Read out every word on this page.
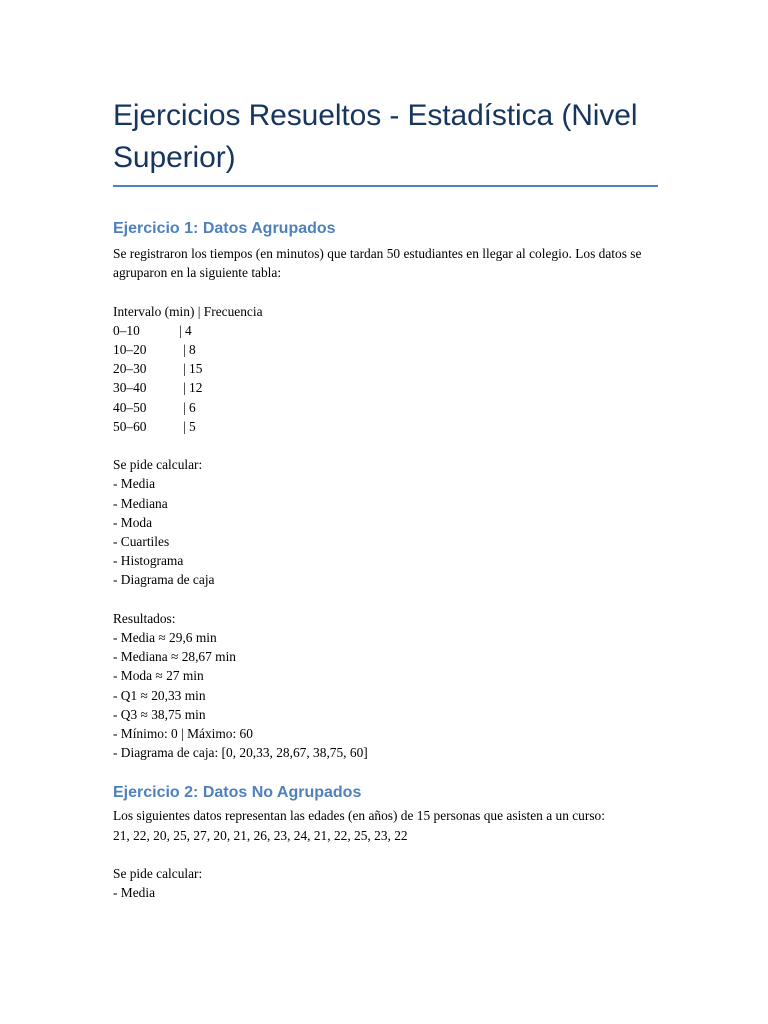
Ejercicios Resueltos - Estadística (Nivel Superior)
Ejercicio 1: Datos Agrupados

Se registraron los tiempos (en minutos) que tardan 50 estudiantes en llegar al colegio. Los datos se agruparon en la siguiente tabla:

Intervalo (min) | Frecuencia

0–10	| 4
10–20	| 8
20–30	| 15
30–40	| 12
40–50	| 6
50–60	| 5

Se pide calcular:

- Media

- Mediana

- Moda

- Cuartiles

- Histograma

- Diagrama de caja

Resultados:

- Media ≈ 29,6 min

- Mediana ≈ 28,67 min

- Moda ≈ 27 min

- Q1 ≈ 20,33 min

- Q3 ≈ 38,75 min

- Mínimo: 0 | Máximo: 60

- Diagrama de caja: [0, 20,33, 28,67, 38,75, 60]

Ejercicio 2: Datos No Agrupados

Los siguientes datos representan las edades (en años) de 15 personas que asisten a un curso:

21, 22, 20, 25, 27, 20, 21, 26, 23, 24, 21, 22, 25, 23, 22

Se pide calcular:

- Media
